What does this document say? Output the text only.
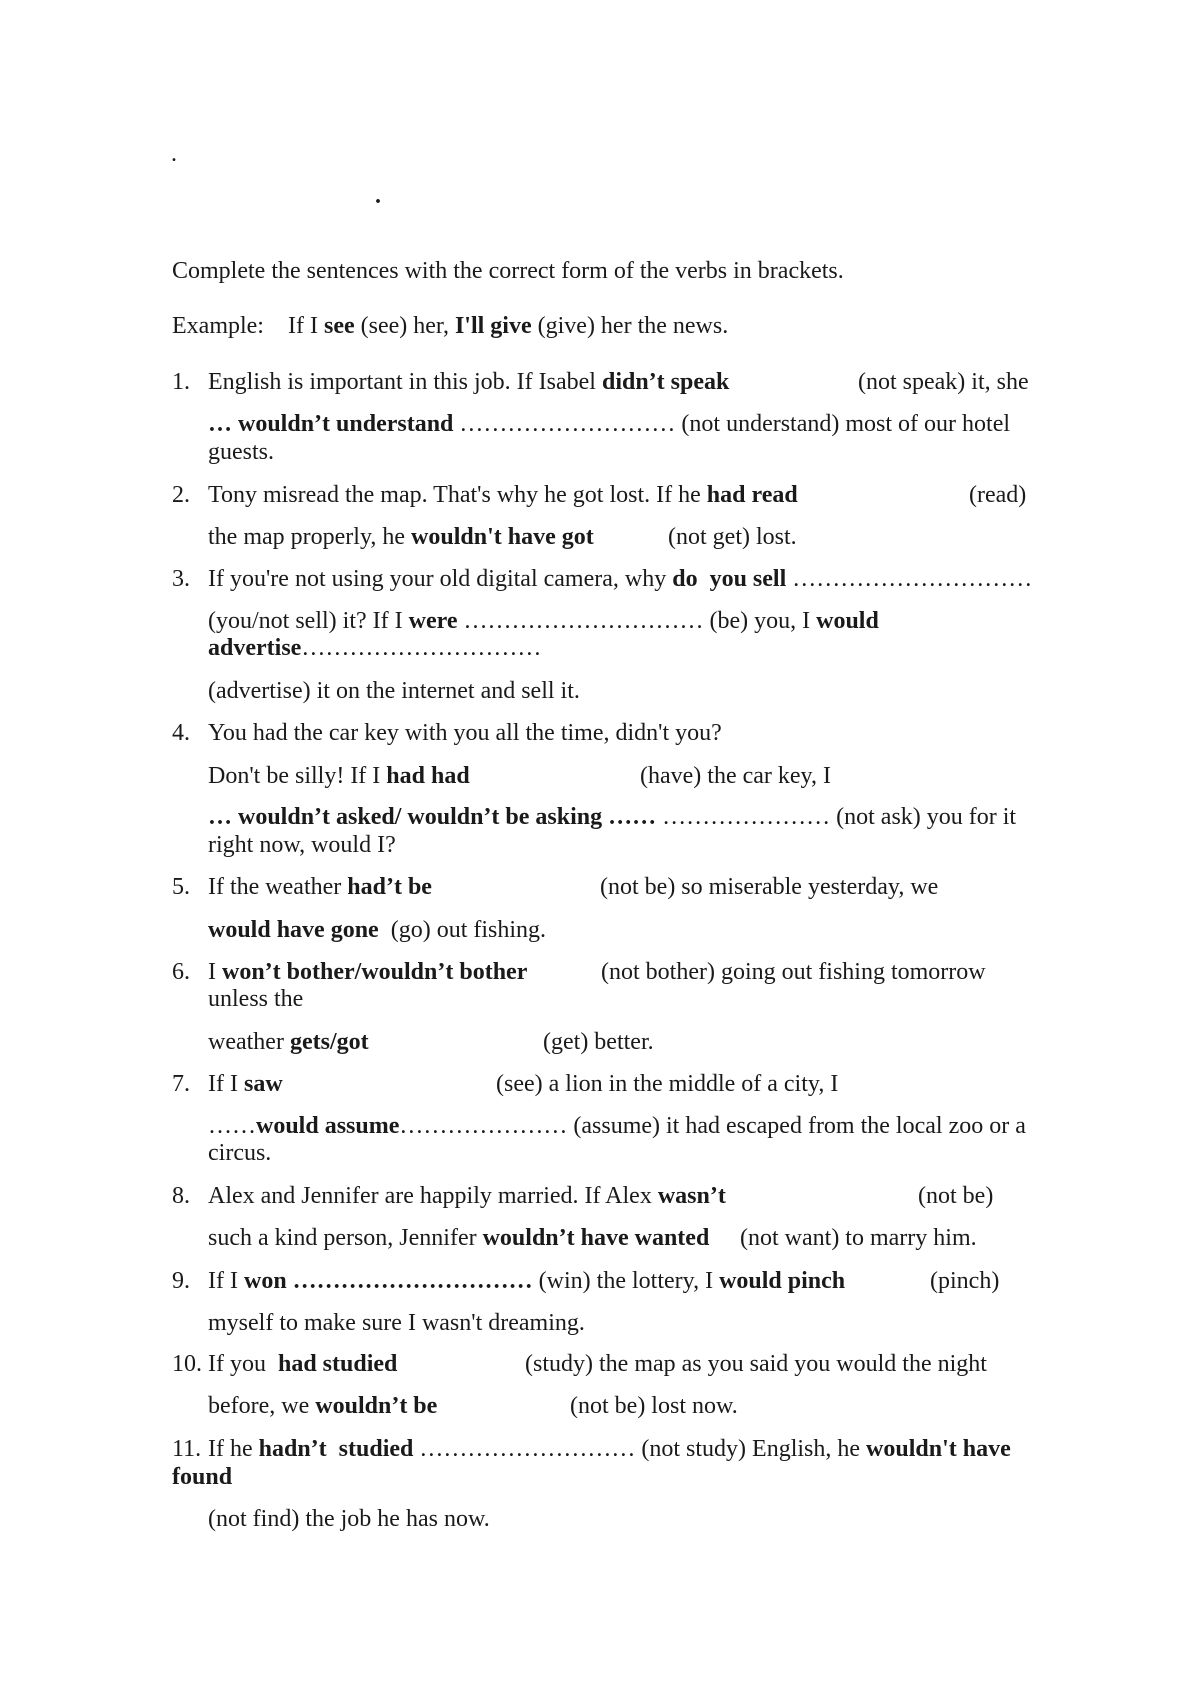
.
.
Complete the sentences with the correct form of the verbs in brackets.
Example: If I see (see) her, I'll give (give) her the news.
1. English is important in this job. If Isabel didn’t speak	(not speak) it, she
… wouldn’t understand ……………………… (not understand) most of our hotel
guests.
2. Tony misread the map. That's why he got lost. If he had read	(read)
the map properly, he wouldn't have got	(not get) lost.
3. If you're not using your old digital camera, why do  you sell …………………………
(you/not sell) it? If I were ………………………… (be) you, I would
advertise…………………………
(advertise) it on the internet and sell it.
4. You had the car key with you all the time, didn't you?
Don't be silly! If I had had	(have) the car key, I
… wouldn’t asked/ wouldn’t be asking …… ………………… (not ask) you for it
right now, would I?
5. If the weather had’t be	(not be) so miserable yesterday, we
would have gone  (go) out fishing.
6. I won’t bother/wouldn’t bother	(not bother) going out fishing tomorrow
unless the
weather gets/got	(get) better.
7. If I saw	(see) a lion in the middle of a city, I
……would assume………………… (assume) it had escaped from the local zoo or a
circus.
8. Alex and Jennifer are happily married. If Alex wasn’t	(not be)
such a kind person, Jennifer wouldn’t have wanted (not want) to marry him.
9. If I won ………………………… (win) the lottery, I would pinch	(pinch)
myself to make sure I wasn't dreaming.
10. If you  had studied	(study) the map as you said you would the night
before, we wouldn’t be	(not be) lost now.
11. If he hadn’t  studied ……………………… (not study) English, he wouldn't have
found
(not find) the job he has now.
